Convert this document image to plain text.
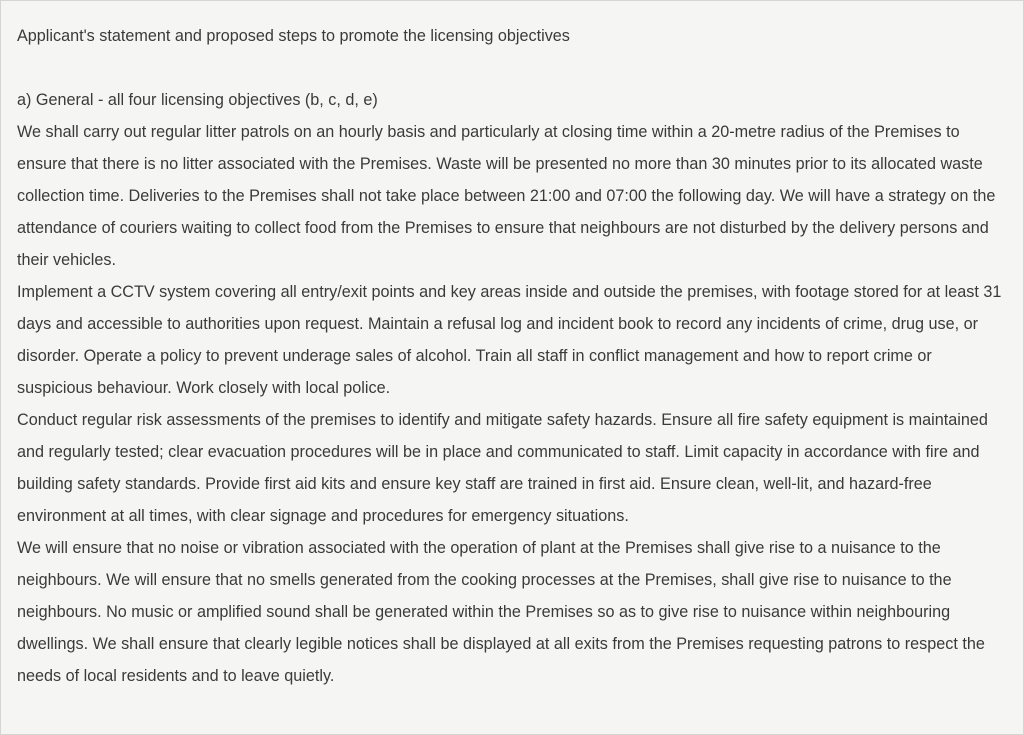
Applicant's statement and proposed steps to promote the licensing objectives

a) General - all four licensing objectives (b, c, d, e)

We shall carry out regular litter patrols on an hourly basis and particularly at closing time within a 20-metre radius of the Premises to ensure that there is no litter associated with the Premises. Waste will be presented no more than 30 minutes prior to its allocated waste collection time. Deliveries to the Premises shall not take place between 21:00 and 07:00 the following day. We will have a strategy on the attendance of couriers waiting to collect food from the Premises to ensure that neighbours are not disturbed by the delivery persons and their vehicles.

Implement a CCTV system covering all entry/exit points and key areas inside and outside the premises, with footage stored for at least 31 days and accessible to authorities upon request. Maintain a refusal log and incident book to record any incidents of crime, drug use, or disorder. Operate a policy to prevent underage sales of alcohol. Train all staff in conflict management and how to report crime or suspicious behaviour. Work closely with local police.

Conduct regular risk assessments of the premises to identify and mitigate safety hazards. Ensure all fire safety equipment is maintained and regularly tested; clear evacuation procedures will be in place and communicated to staff. Limit capacity in accordance with fire and building safety standards. Provide first aid kits and ensure key staff are trained in first aid. Ensure clean, well-lit, and hazard-free environment at all times, with clear signage and procedures for emergency situations.

We will ensure that no noise or vibration associated with the operation of plant at the Premises shall give rise to a nuisance to the neighbours. We will ensure that no smells generated from the cooking processes at the Premises, shall give rise to nuisance to the neighbours. No music or amplified sound shall be generated within the Premises so as to give rise to nuisance within neighbouring dwellings. We shall ensure that clearly legible notices shall be displayed at all exits from the Premises requesting patrons to respect the needs of local residents and to leave quietly.
